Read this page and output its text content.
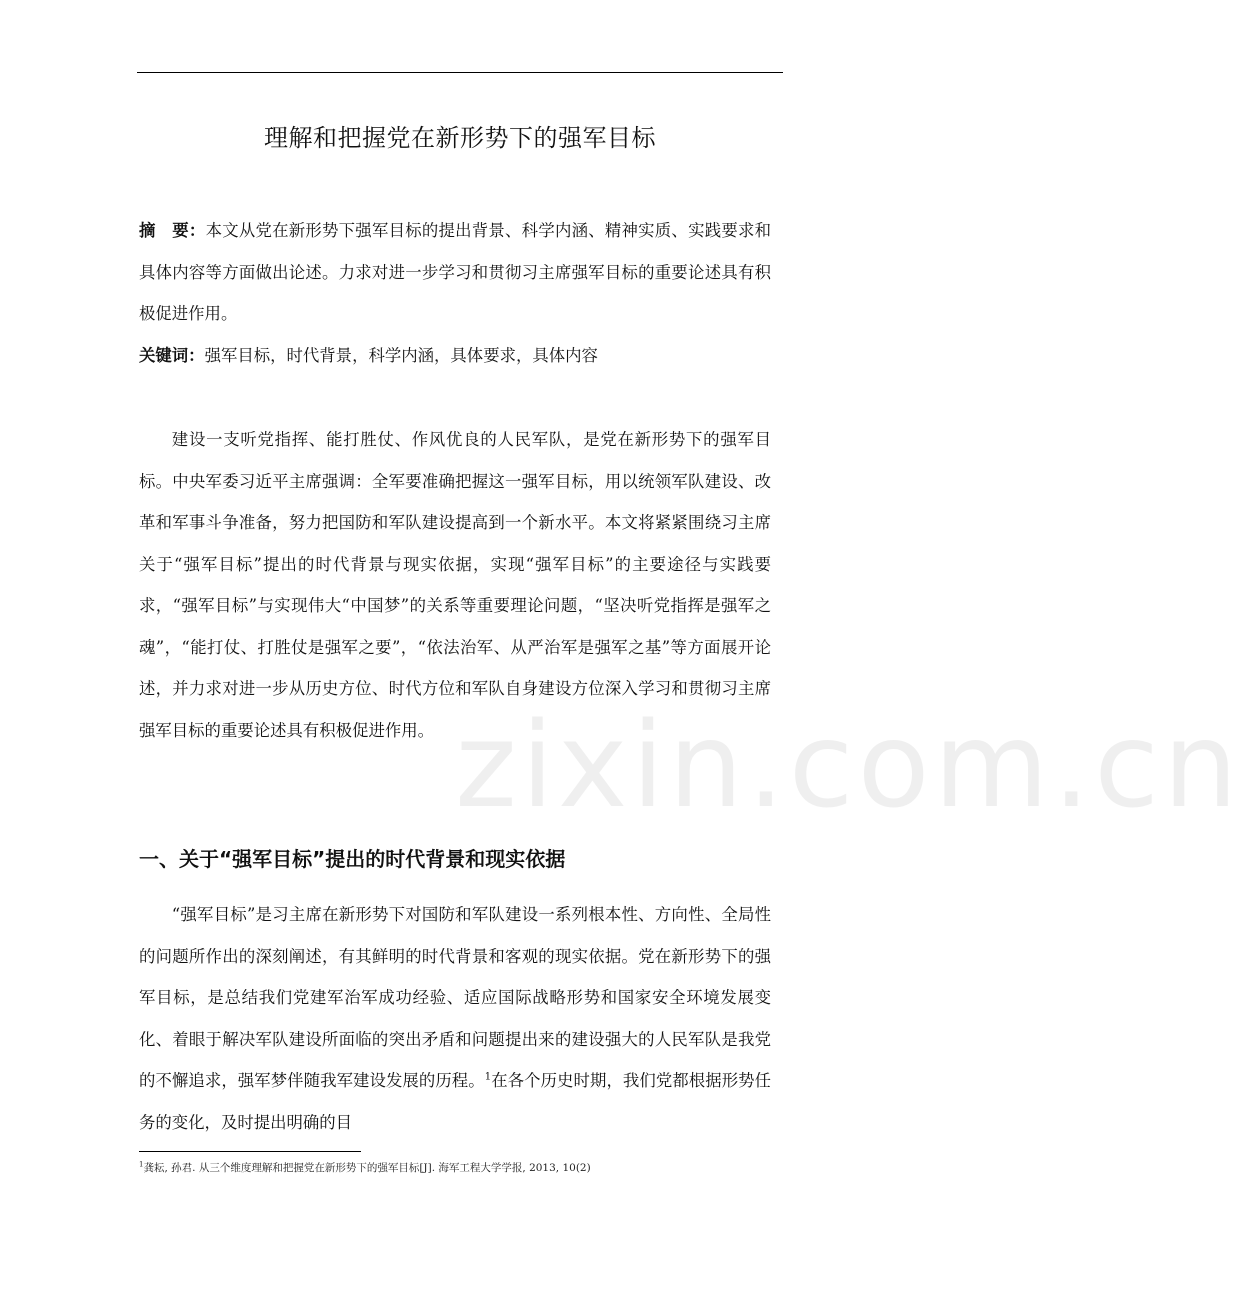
理解和把握党在新形势下的强军目标

摘　要：本文从党在新形势下强军目标的提出背景、科学内涵、精神实质、实践要求和具体内容等方面做出论述。力求对进一步学习和贯彻习主席强军目标的重要论述具有积极促进作用。

关键词：强军目标，时代背景，科学内涵，具体要求，具体内容

建设一支听党指挥、能打胜仗、作风优良的人民军队，是党在新形势下的强军目标。中央军委习近平主席强调：全军要准确把握这一强军目标，用以统领军队建设、改革和军事斗争准备，努力把国防和军队建设提高到一个新水平。本文将紧紧围绕习主席关于“强军目标”提出的时代背景与现实依据，实现“强军目标”的主要途径与实践要求，“强军目标”与实现伟大“中国梦”的关系等重要理论问题，“坚决听党指挥是强军之魂”，“能打仗、打胜仗是强军之要”，“依法治军、从严治军是强军之基”等方面展开论述，并力求对进一步从历史方位、时代方位和军队自身建设方位深入学习和贯彻习主席强军目标的重要论述具有积极促进作用。

一、关于“强军目标”提出的时代背景和现实依据

“强军目标”是习主席在新形势下对国防和军队建设一系列根本性、方向性、全局性的问题所作出的深刻阐述，有其鲜明的时代背景和客观的现实依据。党在新形势下的强军目标，是总结我们党建军治军成功经验、适应国际战略形势和国家安全环境发展变化、着眼于解决军队建设所面临的突出矛盾和问题提出来的建设强大的人民军队是我党的不懈追求，强军梦伴随我军建设发展的历程。$^1$在各个历史时期，我们党都根据形势任务的变化，及时提出明确的目

$^1$龚耘, 孙君. 从三个维度理解和把握党在新形势下的强军目标[J]. 海军工程大学学报, 2013, 10(2)

zixin.com.cn
